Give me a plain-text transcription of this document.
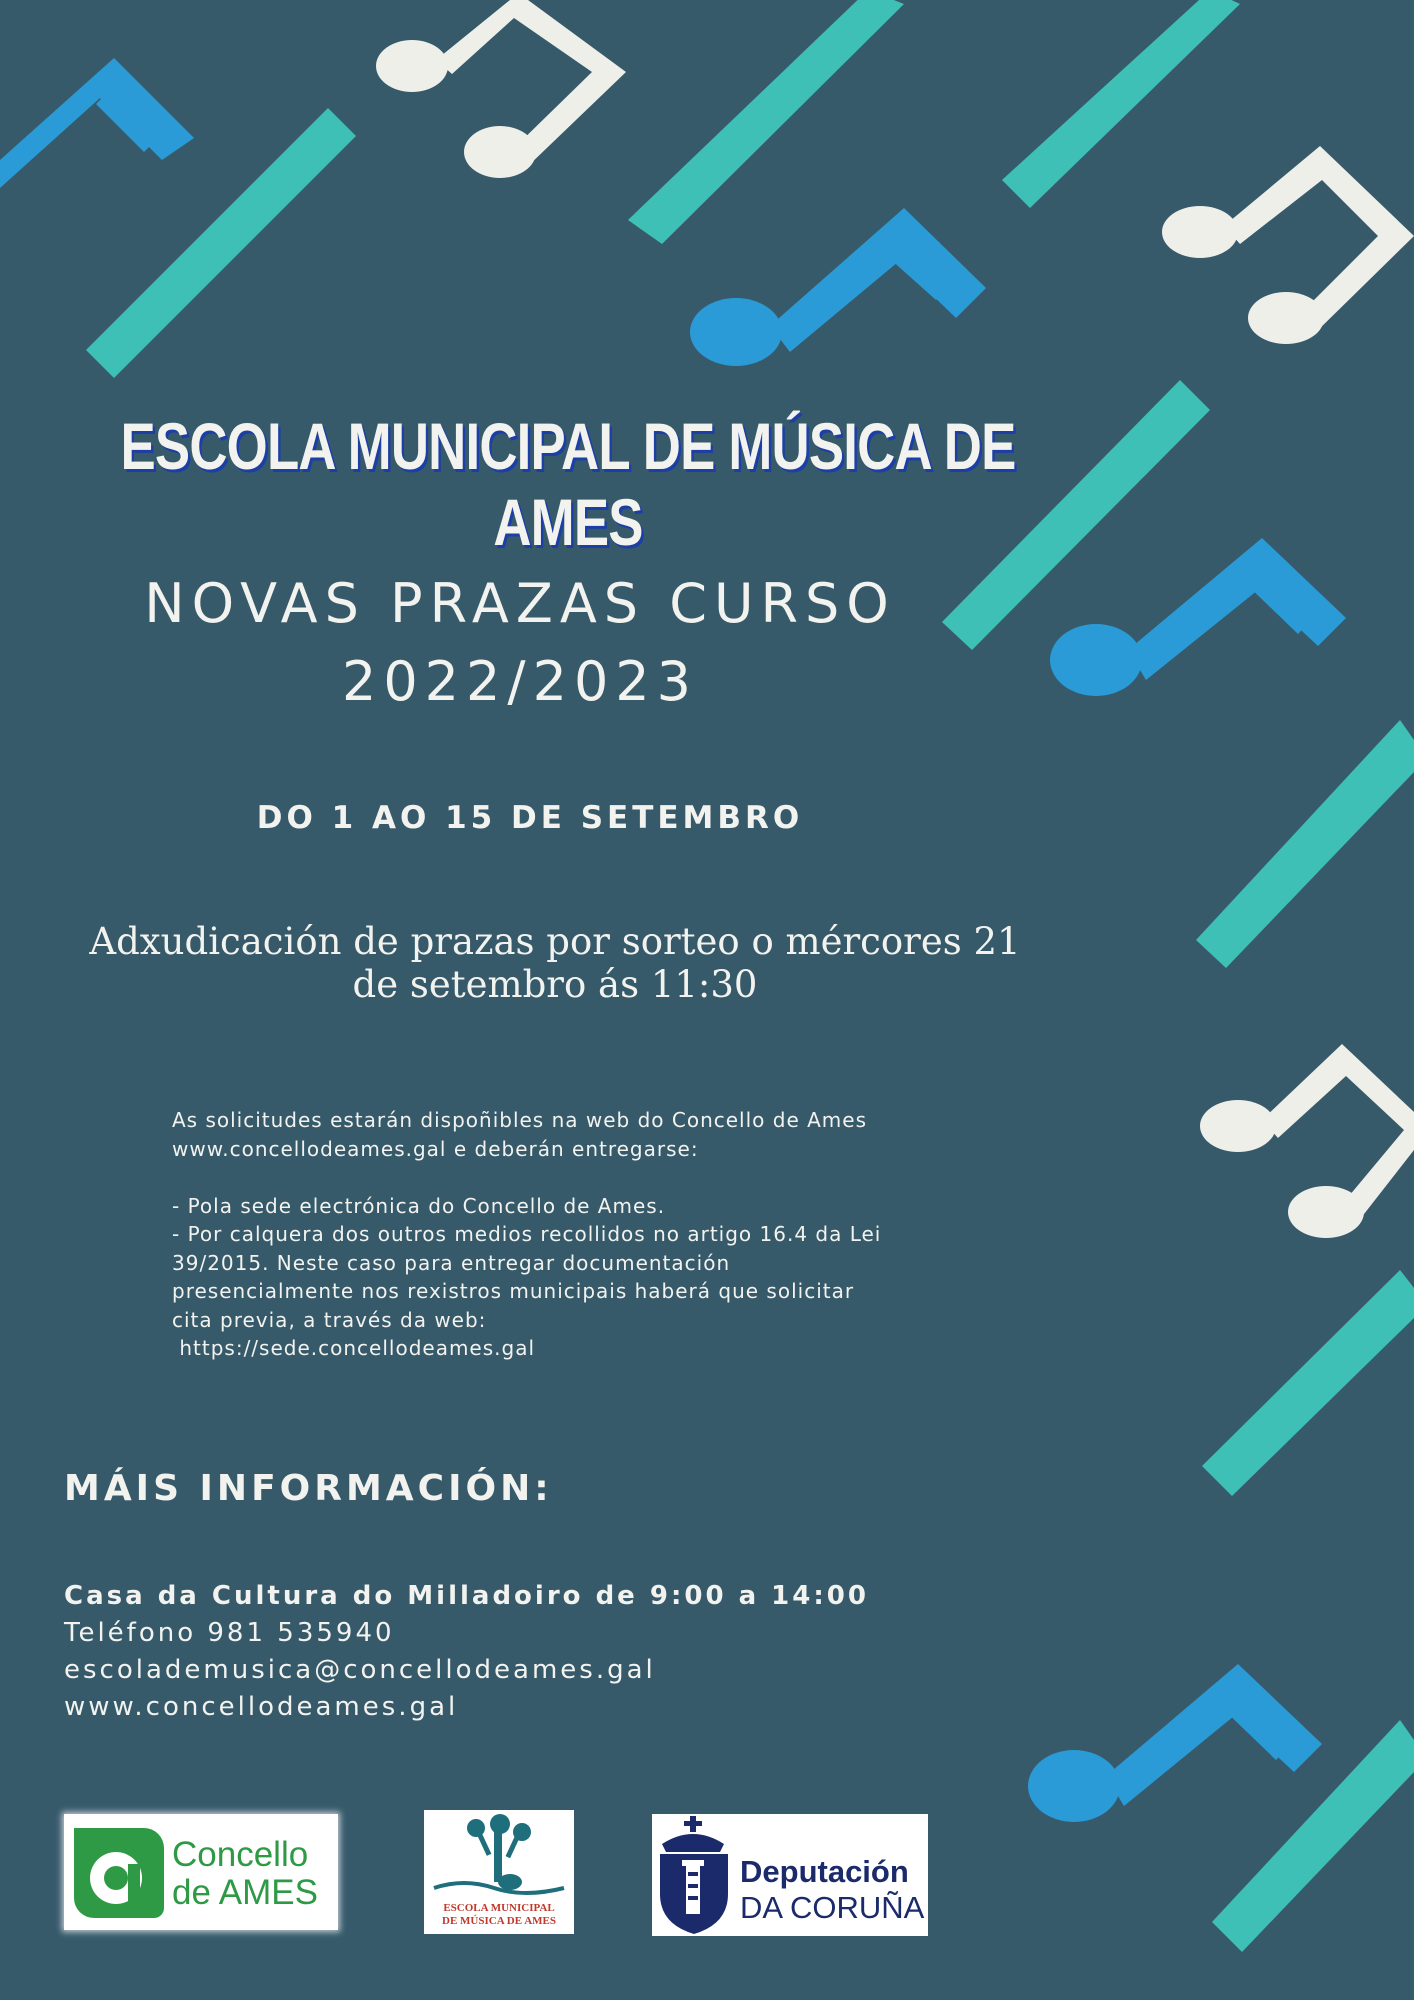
ESCOLA MUNICIPAL DE MÚSICA DE AMES
NOVAS PRAZAS CURSO
2022/2023
DO 1 AO 15 DE SETEMBRO
Adxudicación de prazas por sorteo o mércores 21
de setembro ás 11:30
As solicitudes estarán dispoñibles na web do Concello de Ames
www.concellodeames.gal e deberán entregarse:

- Pola sede electrónica do Concello de Ames.
- Por calquera dos outros medios recollidos no artigo 16.4 da Lei
39/2015. Neste caso para entregar documentación
presencialmente nos rexistros municipais haberá que solicitar
cita previa, a través da web:
https://sede.concellodeames.gal
MÁIS INFORMACIÓN:
Casa da Cultura do Milladoiro de 9:00 a 14:00
Teléfono 981 535940
escolademusica@concellodeames.gal
www.concellodeames.gal
Concello
de AMES	ESCOLA MUNICIPAL
DE MÚSICA DE AMES
Deputación
DA CORUÑA
